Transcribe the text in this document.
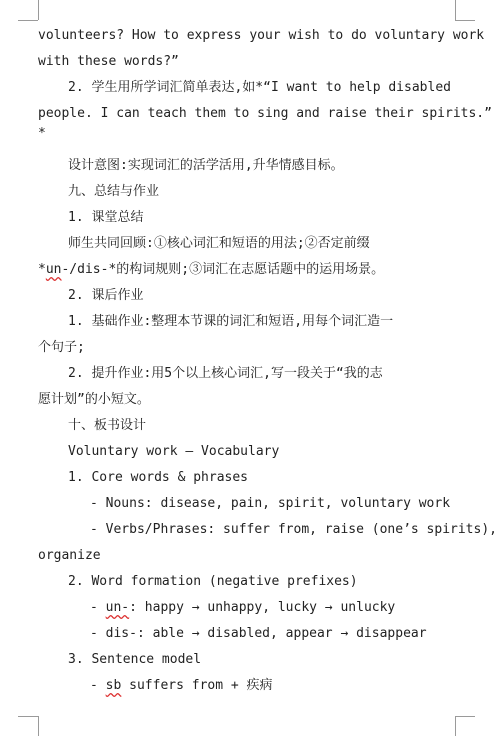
volunteers? How to express your wish to do voluntary work
with these words?”
2. 学生用所学词汇简单表达,如*“I want to help disabled
people. I can teach them to sing and raise their spirits.”
*
设计意图:实现词汇的活学活用,升华情感目标。
九、总结与作业
1. 课堂总结
师生共同回顾:①核心词汇和短语的用法;②否定前缀
*un-/dis-*的构词规则;③词汇在志愿话题中的运用场景。
2. 课后作业
1. 基础作业:整理本节课的词汇和短语,用每个词汇造一
个句子;
2. 提升作业:用5个以上核心词汇,写一段关于“我的志
愿计划”的小短文。
十、板书设计
Voluntary work — Vocabulary
1. Core words & phrases
- Nouns: disease, pain, spirit, voluntary work
- Verbs/Phrases: suffer from, raise (one’s spirits),
organize
2. Word formation (negative prefixes)
- un-: happy → unhappy, lucky → unlucky
- dis-: able → disabled, appear → disappear
3. Sentence model
- sb suffers from + 疾病
